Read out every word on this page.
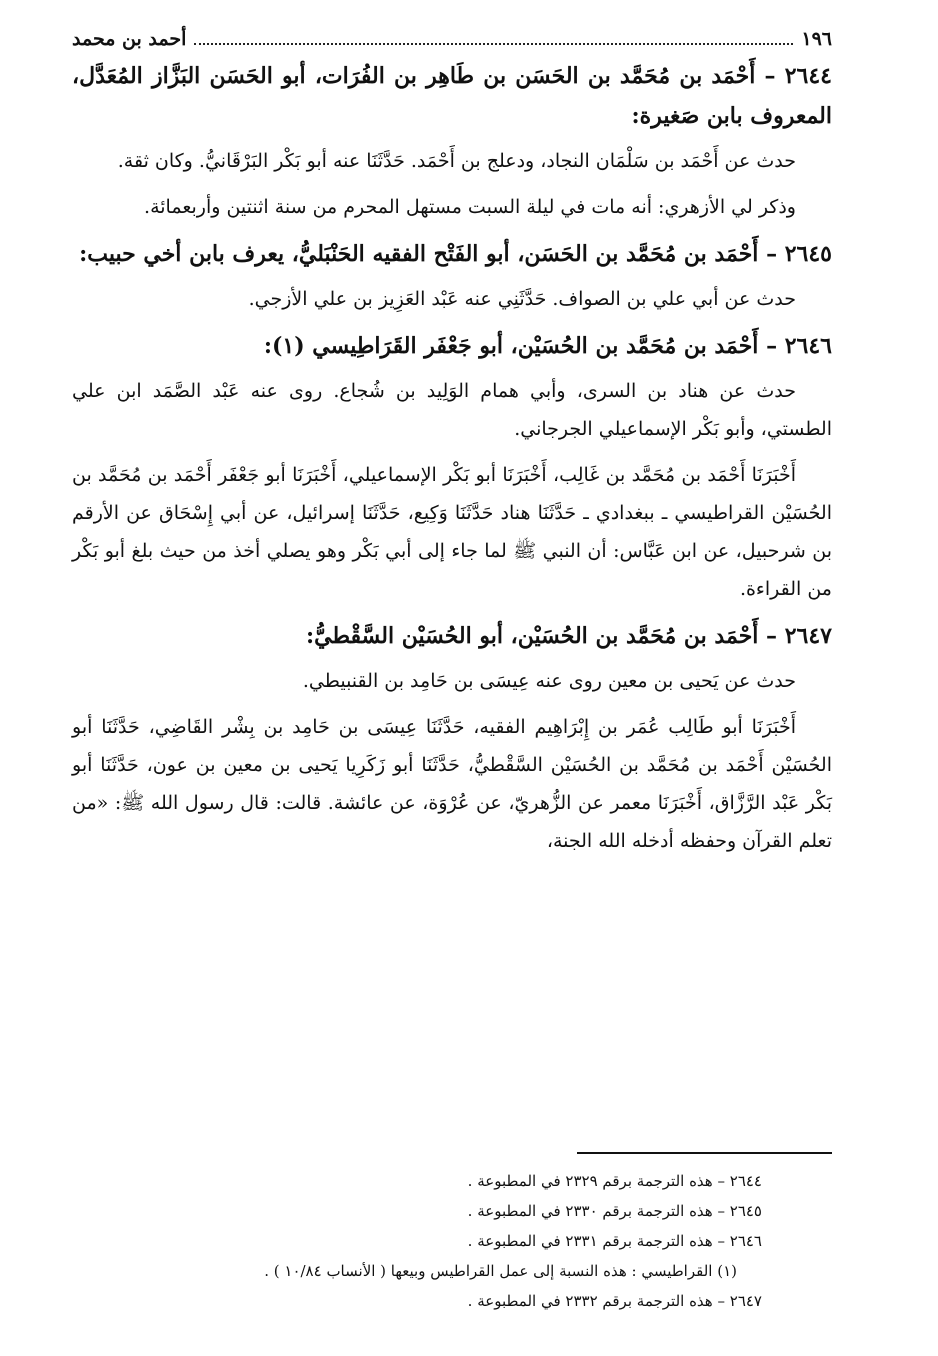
١٩٦
أحمد بن محمد
٢٦٤٤ – أَحْمَد بن مُحَمَّد بن الحَسَن بن طَاهِر بن الفُرَات، أبو الحَسَن البَزَّاز المُعَدَّل، المعروف بابن صَغيرة:

حدث عن أَحْمَد بن سَلْمَان النجاد، ودعلج بن أَحْمَد. حَدَّثَنَا عنه أبو بَكْر البَرْقَانيُّ. وكان ثقة.

وذكر لي الأزهري: أنه مات في ليلة السبت مستهل المحرم من سنة اثنتين وأربعمائة.

٢٦٤٥ – أَحْمَد بن مُحَمَّد بن الحَسَن، أبو الفَتْح الفقيه الحَنْبَليُّ، يعرف بابن أخي حبيب:

حدث عن أبي علي بن الصواف. حَدَّثَنِي عنه عَبْد العَزِيز بن علي الأزجي.

٢٦٤٦ – أَحْمَد بن مُحَمَّد بن الحُسَيْن، أبو جَعْفَر القَرَاطِيسي (١):

حدث عن هناد بن السرى، وأبي همام الوَلِيد بن شُجاع. روى عنه عَبْد الصَّمَد ابن علي الطستي، وأبو بَكْر الإسماعيلي الجرجاني.

أَخْبَرَنَا أَحْمَد بن مُحَمَّد بن غَالِب، أَخْبَرَنَا أبو بَكْر الإسماعيلي، أَخْبَرَنَا أبو جَعْفَر أَحْمَد بن مُحَمَّد بن الحُسَيْن القراطيسي ـ ببغدادي ـ حَدَّثَنَا هناد حَدَّثَنَا وَكِيع، حَدَّثَنَا إسرائيل، عن أبي إِسْحَاق عن الأرقم بن شرحبيل، عن ابن عَبَّاس: أن النبي ﷺ لما جاء إلى أبي بَكْر وهو يصلي أخذ من حيث بلغ أبو بَكْر من القراءة.

٢٦٤٧ – أَحْمَد بن مُحَمَّد بن الحُسَيْن، أبو الحُسَيْن السَّقْطيُّ:

حدث عن يَحيى بن معين روى عنه عِيسَى بن حَامِد بن القنبيطي.

أَخْبَرَنَا أبو طَالِب عُمَر بن إِبْرَاهِيم الفقيه، حَدَّثَنَا عِيسَى بن حَامِد بن بِشْر القَاضِي، حَدَّثَنَا أبو الحُسَيْن أَحْمَد بن مُحَمَّد بن الحُسَيْن السَّقْطيُّ، حَدَّثَنَا أبو زَكَرِيا يَحيى بن معين بن عون، حَدَّثَنَا أبو بَكْر عَبْد الرَّزَّاق، أَخْبَرَنَا معمر عن الزُّهريّ، عن عُرْوَة، عن عائشة. قالت: قال رسول الله ﷺ: «من تعلم القرآن وحفظه أدخله الله الجنة،

٢٦٤٤ – هذه الترجمة برقم ٢٣٢٩ في المطبوعة .

٢٦٤٥ – هذه الترجمة برقم ٢٣٣٠ في المطبوعة .

٢٦٤٦ – هذه الترجمة برقم ٢٣٣١ في المطبوعة .

(١) القراطيسي : هذه النسبة إلى عمل القراطيس وبيعها ( الأنساب ١٠/٨٤ ) .

٢٦٤٧ – هذه الترجمة برقم ٢٣٣٢ في المطبوعة .
